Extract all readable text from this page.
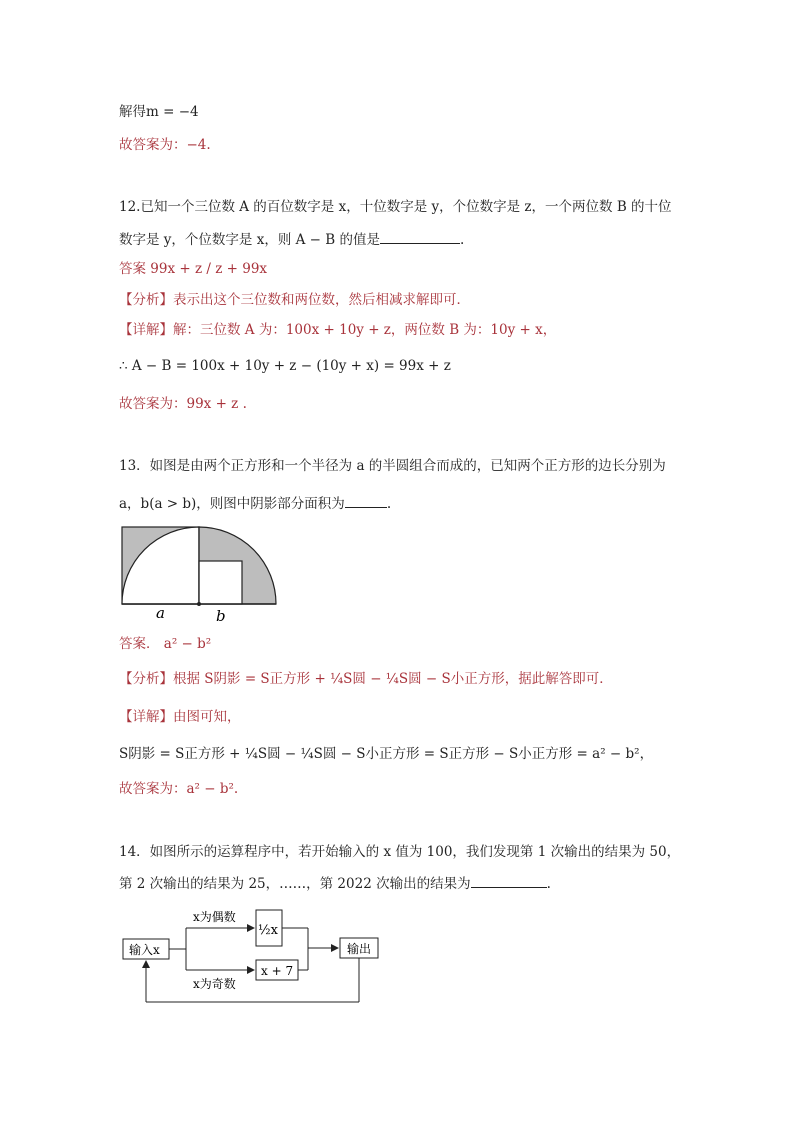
解得m = −4
故答案为：−4.
12.已知一个三位数 A 的百位数字是 x，十位数字是 y，个位数字是 z，一个两位数 B 的十位
数字是 y，个位数字是 x，则 A − B 的值是	.
答案 99x + z / z + 99x
【分析】表示出这个三位数和两位数，然后相减求解即可．
【详解】解：三位数 A 为：100x + 10y + z，两位数 B 为：10y + x，
∴ A − B = 100x + 10y + z − (10y + x) = 99x + z
故答案为：99x + z .
13．如图是由两个正方形和一个半径为 a 的半圆组合而成的，已知两个正方形的边长分别为
a，b(a > b)，则图中阴影部分面积为	.
a	b
答案． a² − b²
【分析】根据 S阴影 = S正方形 + ¼S圆 − ¼S圆 − S小正方形，据此解答即可．
【详解】由图可知，
S阴影 = S正方形 + ¼S圆 − ¼S圆 − S小正方形 = S正方形 − S小正方形 = a² − b²，
故答案为：a² − b².
14．如图所示的运算程序中，若开始输入的 x 值为 100，我们发现第 1 次输出的结果为 50，
第 2 次输出的结果为 25，……，第 2022 次输出的结果为	.
输入x
x为偶数
x为奇数
½x
x + 7
输出
